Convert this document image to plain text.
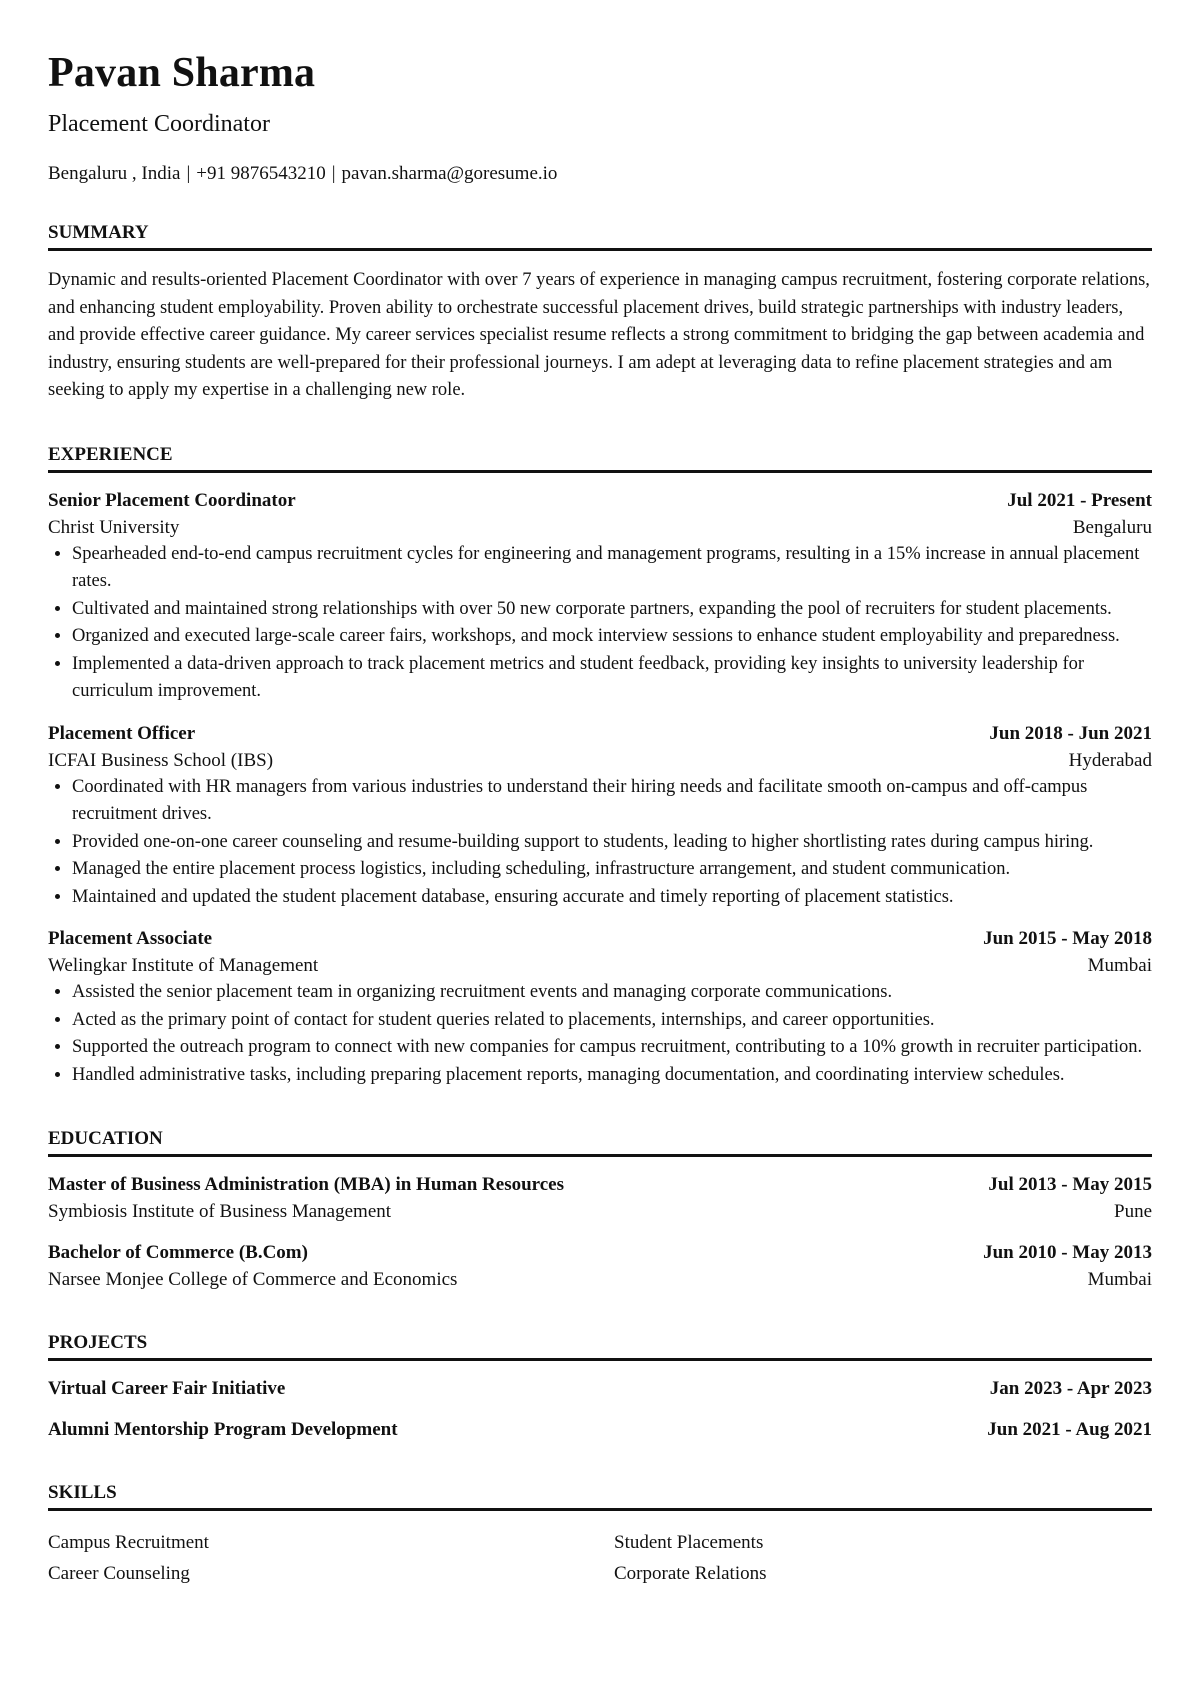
Pavan Sharma
Placement Coordinator
Bengaluru , India | +91 9876543210 | pavan.sharma@goresume.io
SUMMARY
Dynamic and results-oriented Placement Coordinator with over 7 years of experience in managing campus recruitment, fostering corporate relations, and enhancing student employability. Proven ability to orchestrate successful placement drives, build strategic partnerships with industry leaders, and provide effective career guidance. My career services specialist resume reflects a strong commitment to bridging the gap between academia and industry, ensuring students are well-prepared for their professional journeys. I am adept at leveraging data to refine placement strategies and am seeking to apply my expertise in a challenging new role.
EXPERIENCE
Senior Placement Coordinator	Jul 2021 - Present
Christ University	Bengaluru
• Spearheaded end-to-end campus recruitment cycles for engineering and management programs, resulting in a 15% increase in annual placement rates.
• Cultivated and maintained strong relationships with over 50 new corporate partners, expanding the pool of recruiters for student placements.
• Organized and executed large-scale career fairs, workshops, and mock interview sessions to enhance student employability and preparedness.
• Implemented a data-driven approach to track placement metrics and student feedback, providing key insights to university leadership for curriculum improvement.
Placement Officer	Jun 2018 - Jun 2021
ICFAI Business School (IBS)	Hyderabad
• Coordinated with HR managers from various industries to understand their hiring needs and facilitate smooth on-campus and off-campus recruitment drives.
• Provided one-on-one career counseling and resume-building support to students, leading to higher shortlisting rates during campus hiring.
• Managed the entire placement process logistics, including scheduling, infrastructure arrangement, and student communication.
• Maintained and updated the student placement database, ensuring accurate and timely reporting of placement statistics.
Placement Associate	Jun 2015 - May 2018
Welingkar Institute of Management	Mumbai
• Assisted the senior placement team in organizing recruitment events and managing corporate communications.
• Acted as the primary point of contact for student queries related to placements, internships, and career opportunities.
• Supported the outreach program to connect with new companies for campus recruitment, contributing to a 10% growth in recruiter participation.
• Handled administrative tasks, including preparing placement reports, managing documentation, and coordinating interview schedules.
EDUCATION
Master of Business Administration (MBA) in Human Resources	Jul 2013 - May 2015
Symbiosis Institute of Business Management	Pune
Bachelor of Commerce (B.Com)	Jun 2010 - May 2013
Narsee Monjee College of Commerce and Economics	Mumbai
PROJECTS
Virtual Career Fair Initiative	Jan 2023 - Apr 2023
Alumni Mentorship Program Development	Jun 2021 - Aug 2021
SKILLS
Campus Recruitment	Student Placements
Career Counseling	Corporate Relations
